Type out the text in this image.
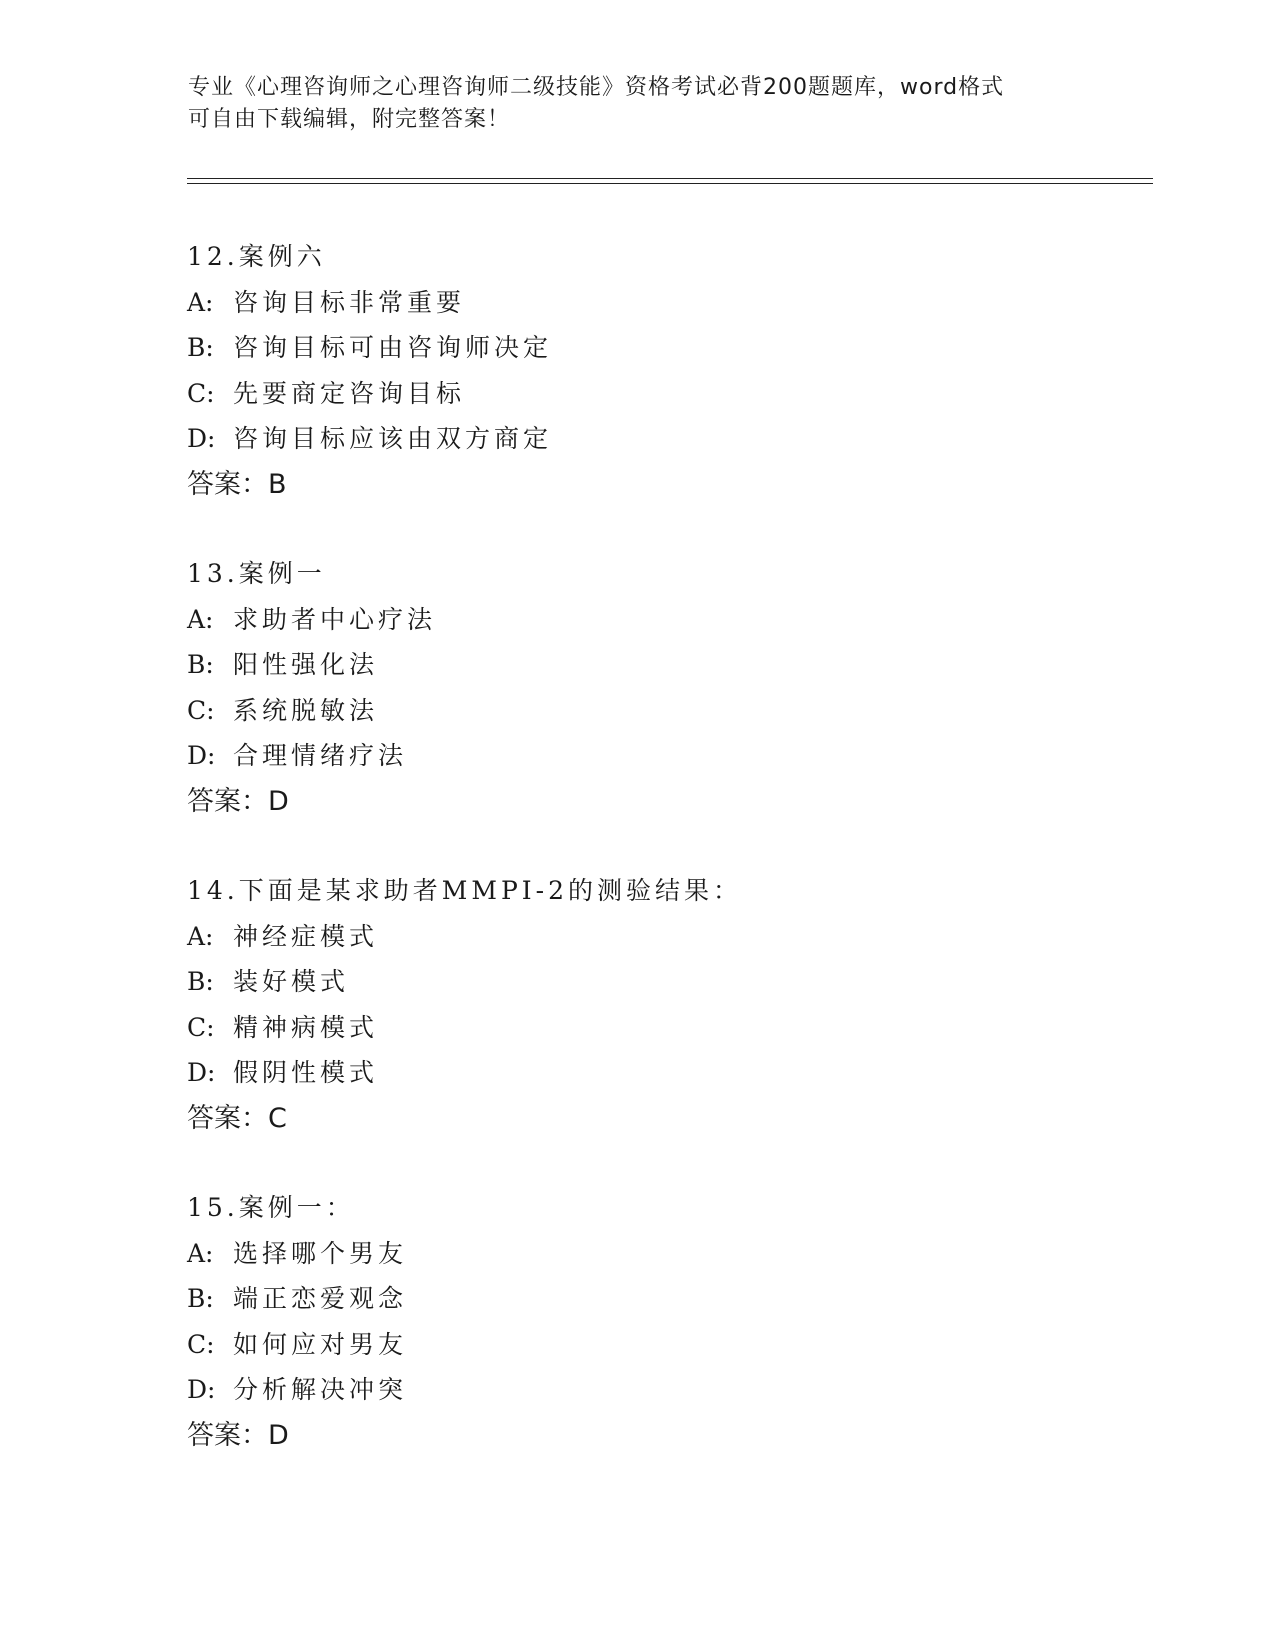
专业《心理咨询师之心理咨询师二级技能》资格考试必背200题题库，word格式
可自由下载编辑，附完整答案！
12.案例六
A: 咨询目标非常重要
B: 咨询目标可由咨询师决定
C: 先要商定咨询目标
D: 咨询目标应该由双方商定
答案：B
13.案例一
A: 求助者中心疗法
B: 阳性强化法
C: 系统脱敏法
D: 合理情绪疗法
答案：D
14.下面是某求助者MMPI-2的测验结果：
A: 神经症模式
B: 装好模式
C: 精神病模式
D: 假阴性模式
答案：C
15.案例一：
A: 选择哪个男友
B: 端正恋爱观念
C: 如何应对男友
D: 分析解决冲突
答案：D
